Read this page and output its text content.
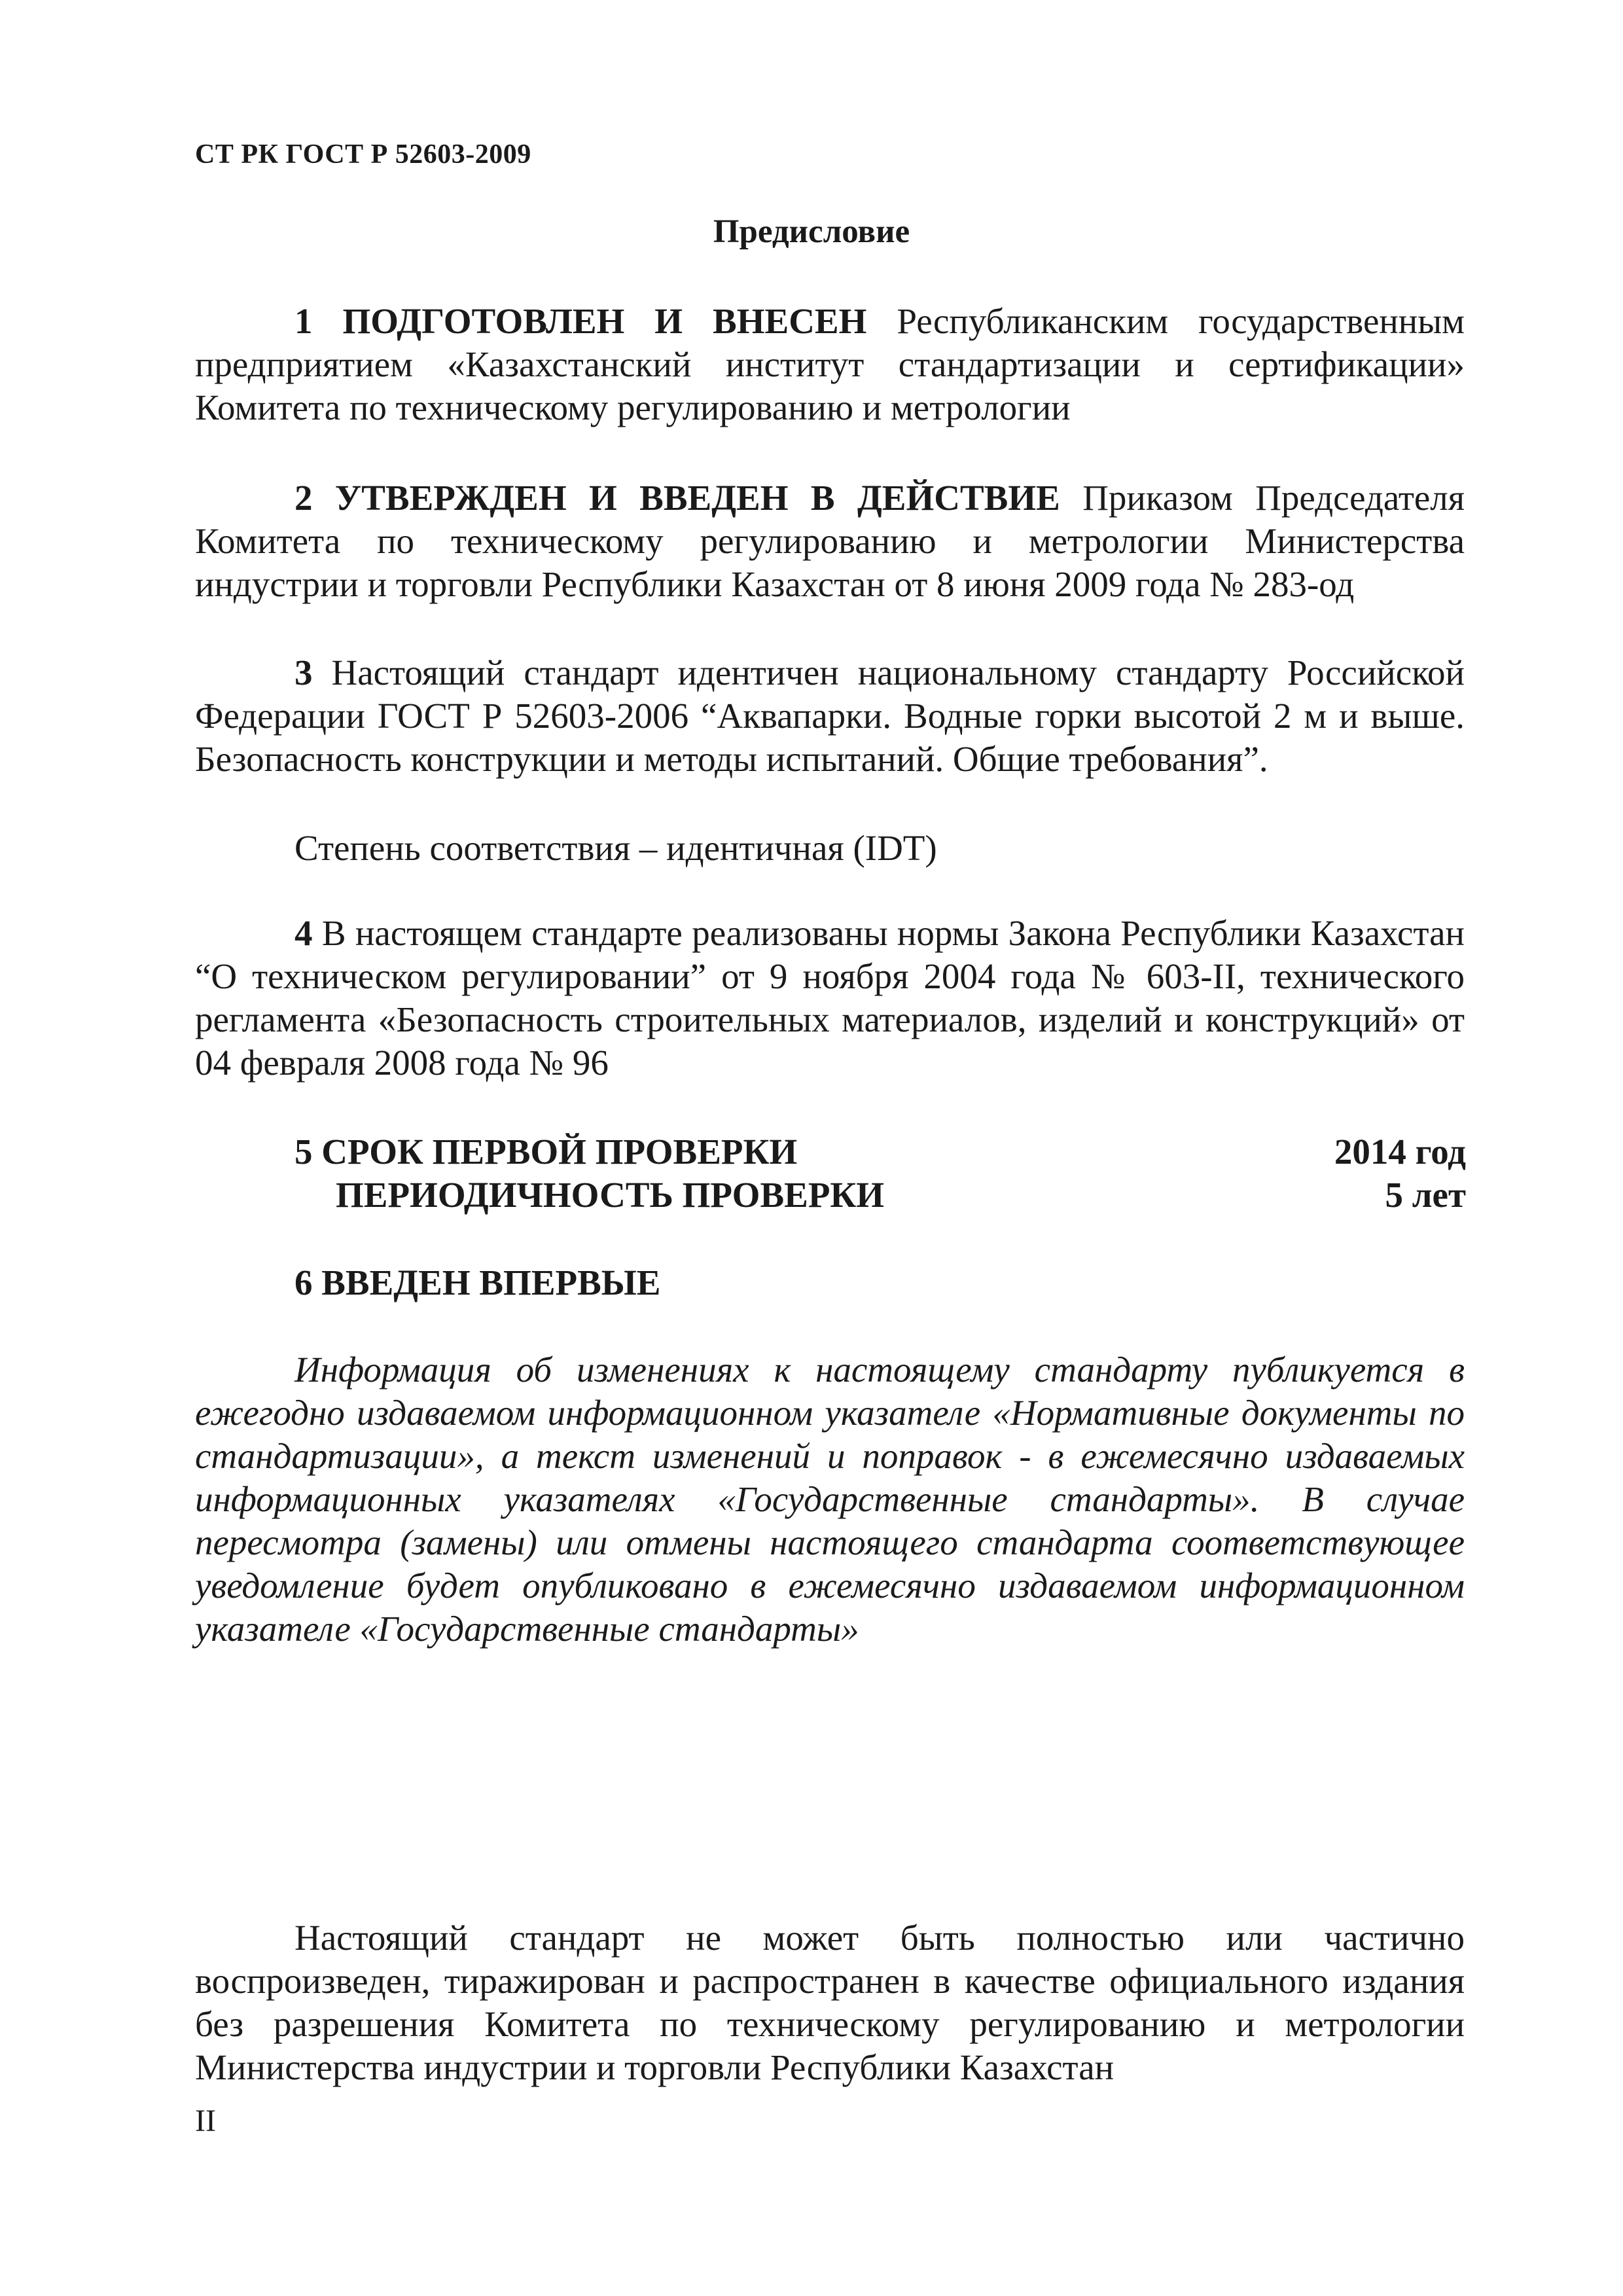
СТ РК ГОСТ Р 52603-2009
Предисловие
1 ПОДГОТОВЛЕН И ВНЕСЕН Республиканским государственным предприятием «Казахстанский институт стандартизации и сертификации» Комитета по техническому регулированию и метрологии
2 УТВЕРЖДЕН И ВВЕДЕН В ДЕЙСТВИЕ Приказом Председателя Комитета по техническому регулированию и метрологии Министерства индустрии и торговли Республики Казахстан от 8 июня 2009 года № 283-од
3 Настоящий стандарт идентичен национальному стандарту Российской Федерации ГОСТ Р 52603-2006 “Аквапарки. Водные горки высотой 2 м и выше. Безопасность конструкции и методы испытаний. Общие требования”.
Степень соответствия – идентичная (IDT)
4 В настоящем стандарте реализованы нормы Закона Республики Казахстан “О техническом регулировании” от 9 ноября 2004 года № 603-II, технического регламента «Безопасность строительных материалов, изделий и конструкций» от 04 февраля 2008 года № 96
5 СРОК ПЕРВОЙ ПРОВЕРКИ	2014 год
ПЕРИОДИЧНОСТЬ ПРОВЕРКИ	5 лет
6 ВВЕДЕН ВПЕРВЫЕ
Информация об изменениях к настоящему стандарту публикуется в ежегодно издаваемом информационном указателе «Нормативные документы по стандартизации», а текст изменений и поправок - в ежемесячно издаваемых информационных указателях «Государственные стандарты». В случае пересмотра (замены) или отмены настоящего стандарта соответствующее уведомление будет опубликовано в ежемесячно издаваемом информационном указателе «Государственные стандарты»
Настоящий стандарт не может быть полностью или частично воспроизведен, тиражирован и распространен в качестве официального издания без разрешения Комитета по техническому регулированию и метрологии Министерства индустрии и торговли Республики Казахстан
II
